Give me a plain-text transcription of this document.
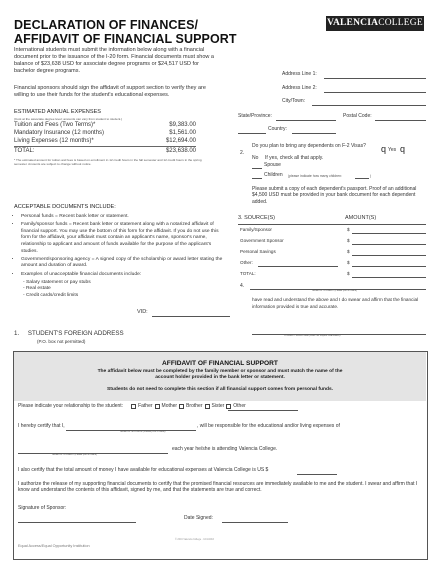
DECLARATION OF FINANCES/
AFFIDAVIT OF FINANCIAL SUPPORT
VALENCIACOLLEGE
International students must submit the information below along with a financial document prior to the issuance of the I-20 form. Financial documents must show a balance of $23,638 USD for associate degree programs or $24,517 USD for bachelor degree programs.
Financial sponsors should sign the affidavit of support section to verify they are willing to use their funds for the student's educational expenses.
ESTIMATED ANNUAL EXPENSES
(Cost at the associate degree level; amounts can vary from student to student.)
Tuition and Fees (Two Terms)*	$9,383.00
Mandatory Insurance (12 months)	$1,561.00
Living Expenses (12 months)*	$12,694.00
TOTAL:	$23,638.00
* The estimated amount for tuition and fees is based on enrollment in 12 credit hours in the fall semester and 12 credit hours in the spring semester. Amounts are subject to change without notice.
Address Line 1:
Address Line 2:
City/Town:
State/Province:	Postal Code:
Country:
2.
Do you plan to bring any dependents on F-2 Visas?	q Yes q
No If yes, check all that apply.
Spouse
Children (please indicate how many children:	)
Please submit a copy of each dependent's passport. Proof of an additional $4,500 USD must be provided in your bank document for each dependent added.
ACCEPTABLE DOCUMENTS INCLUDE:
• Personal funds = Recent bank letter or statement.
• Family/sponsor funds = Recent bank letter or statement along with a notarized affidavit of financial support. You may use the bottom of this form for the affidavit. If you do not use this form for the affidavit, your affidavit must contain an applicant's name, sponsor's name, relationship to applicant and amount of funds available for the purpose of the applicant's studies.
• Government/sponsoring agency = A signed copy of the scholarship or award letter stating the amount and duration of award.
• Examples of unacceptable financial documents include:
- Salary statement or pay stubs
- Real estate
- Credit cards/credit limits
VID:
3. SOURCE(S)	AMOUNT(S)
Family/Sponsor	$
Government Sponsor	$
Personal Savings	$
Other:	$
TOTAL:	$
4.
NAME OF STUDENT (Please print in blank)
have read and understand the above and I do swear and affirm that the financial information provided is true and accurate.
STUDENT SIGNATURE (Does not require notarization)
1. STUDENT'S FOREIGN ADDRESS
(P.O. box not permitted)
AFFIDAVIT OF FINANCIAL SUPPORT
The affidavit below must be completed by the family member or sponsor and must match the name of the account holder provided in the bank letter or statement.
Students do not need to complete this section if all financial support comes from personal funds.
Please indicate your relationship to the student:	Father Mother Brother Sister Other
I hereby certify that I,
NAME OF SPONSOR (Please print in blank)
, will be responsible for the educational and/or living expenses of
NAME OF STUDENT (Please print in blank)
each year he/she is attending Valencia College.
I also certify that the total amount of money I have available for educational expenses at Valencia College is US $
I authorize the release of my supporting financial documents to certify that the promised financial resources are immediately available to me and the student. I swear and affirm that I know and understand the contents of this affidavit, signed by me, and that the statements are true and correct.
Signature of Sponsor:
Date Signed:
© 2016 Valencia College · 10/1/2016
Equal Access/Equal Opportunity Institution
